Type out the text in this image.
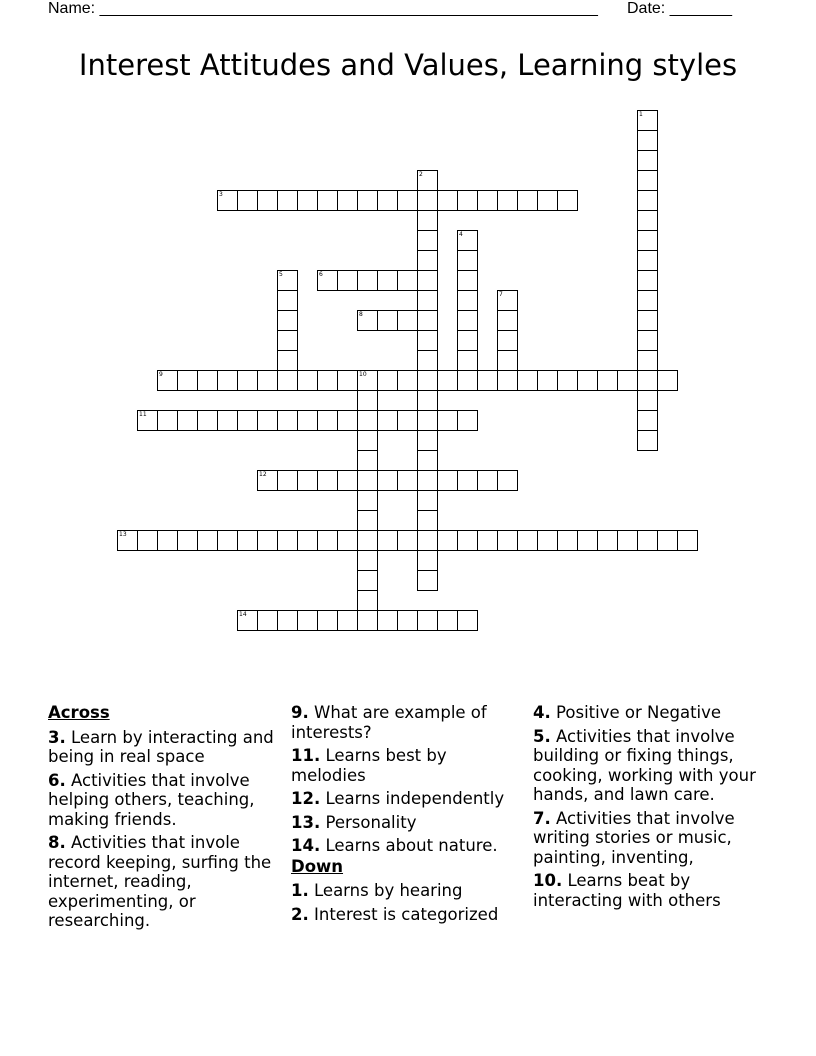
Name: ________________________________________________________ Date: _______
Interest Attitudes and Values, Learning styles
1
2
3
4
5	6
7
8
9	10
11
12
13
14
Across
3. Learn by interacting and being in real space
6. Activities that involve helping others, teaching, making friends.
8. Activities that invole record keeping, surfing the internet, reading, experimenting, or researching.
9. What are example of interests?
11. Learns best by melodies
12. Learns independently
13. Personality
14. Learns about nature.
Down
1. Learns by hearing
2. Interest is categorized
4. Positive or Negative
5. Activities that involve building or fixing things, cooking, working with your hands, and lawn care.
7. Activities that involve writing stories or music, painting, inventing,
10. Learns beat by interacting with others
